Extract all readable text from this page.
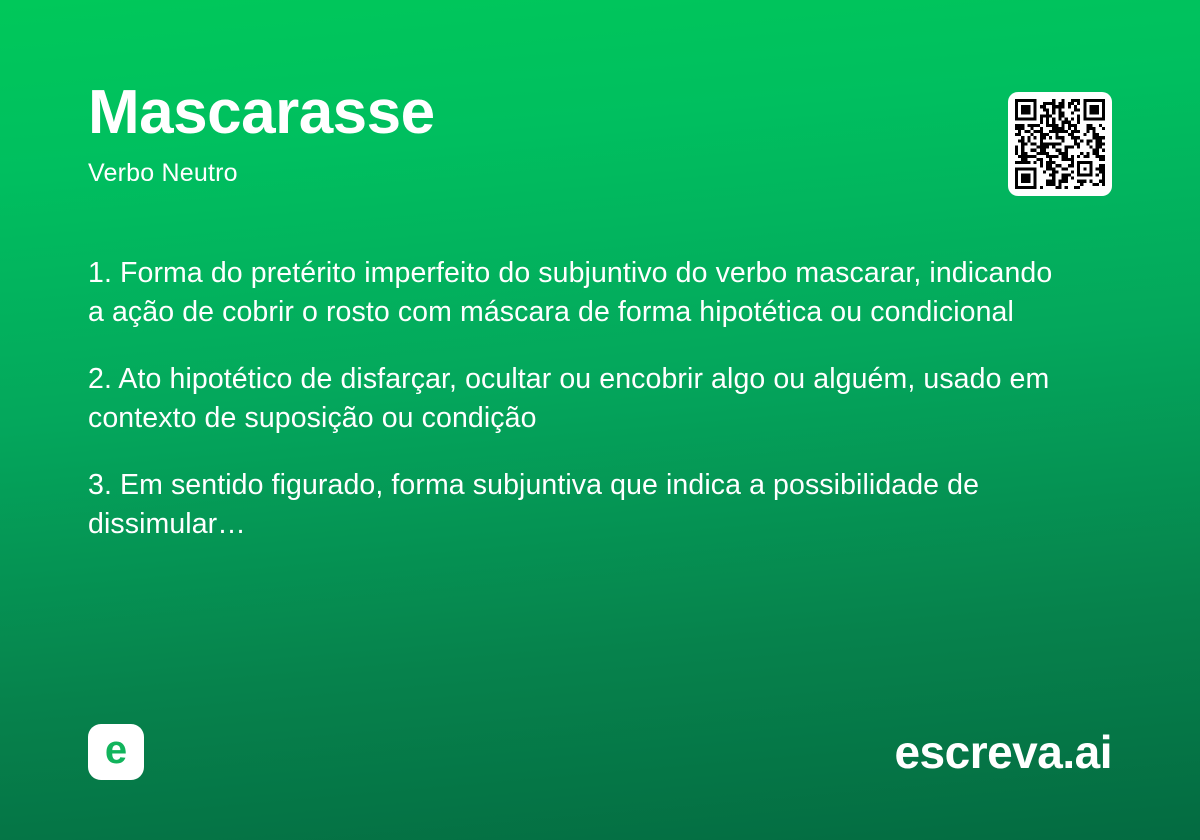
Mascarasse
Verbo Neutro

1. Forma do pretérito imperfeito do subjuntivo do verbo mascarar, indicando a ação de cobrir o rosto com máscara de forma hipotética ou condicional

2. Ato hipotético de disfarçar, ocultar ou encobrir algo ou alguém, usado em contexto de suposição ou condição

3. Em sentido figurado, forma subjuntiva que indica a possibilidade de dissimular…

e	escreva.ai
